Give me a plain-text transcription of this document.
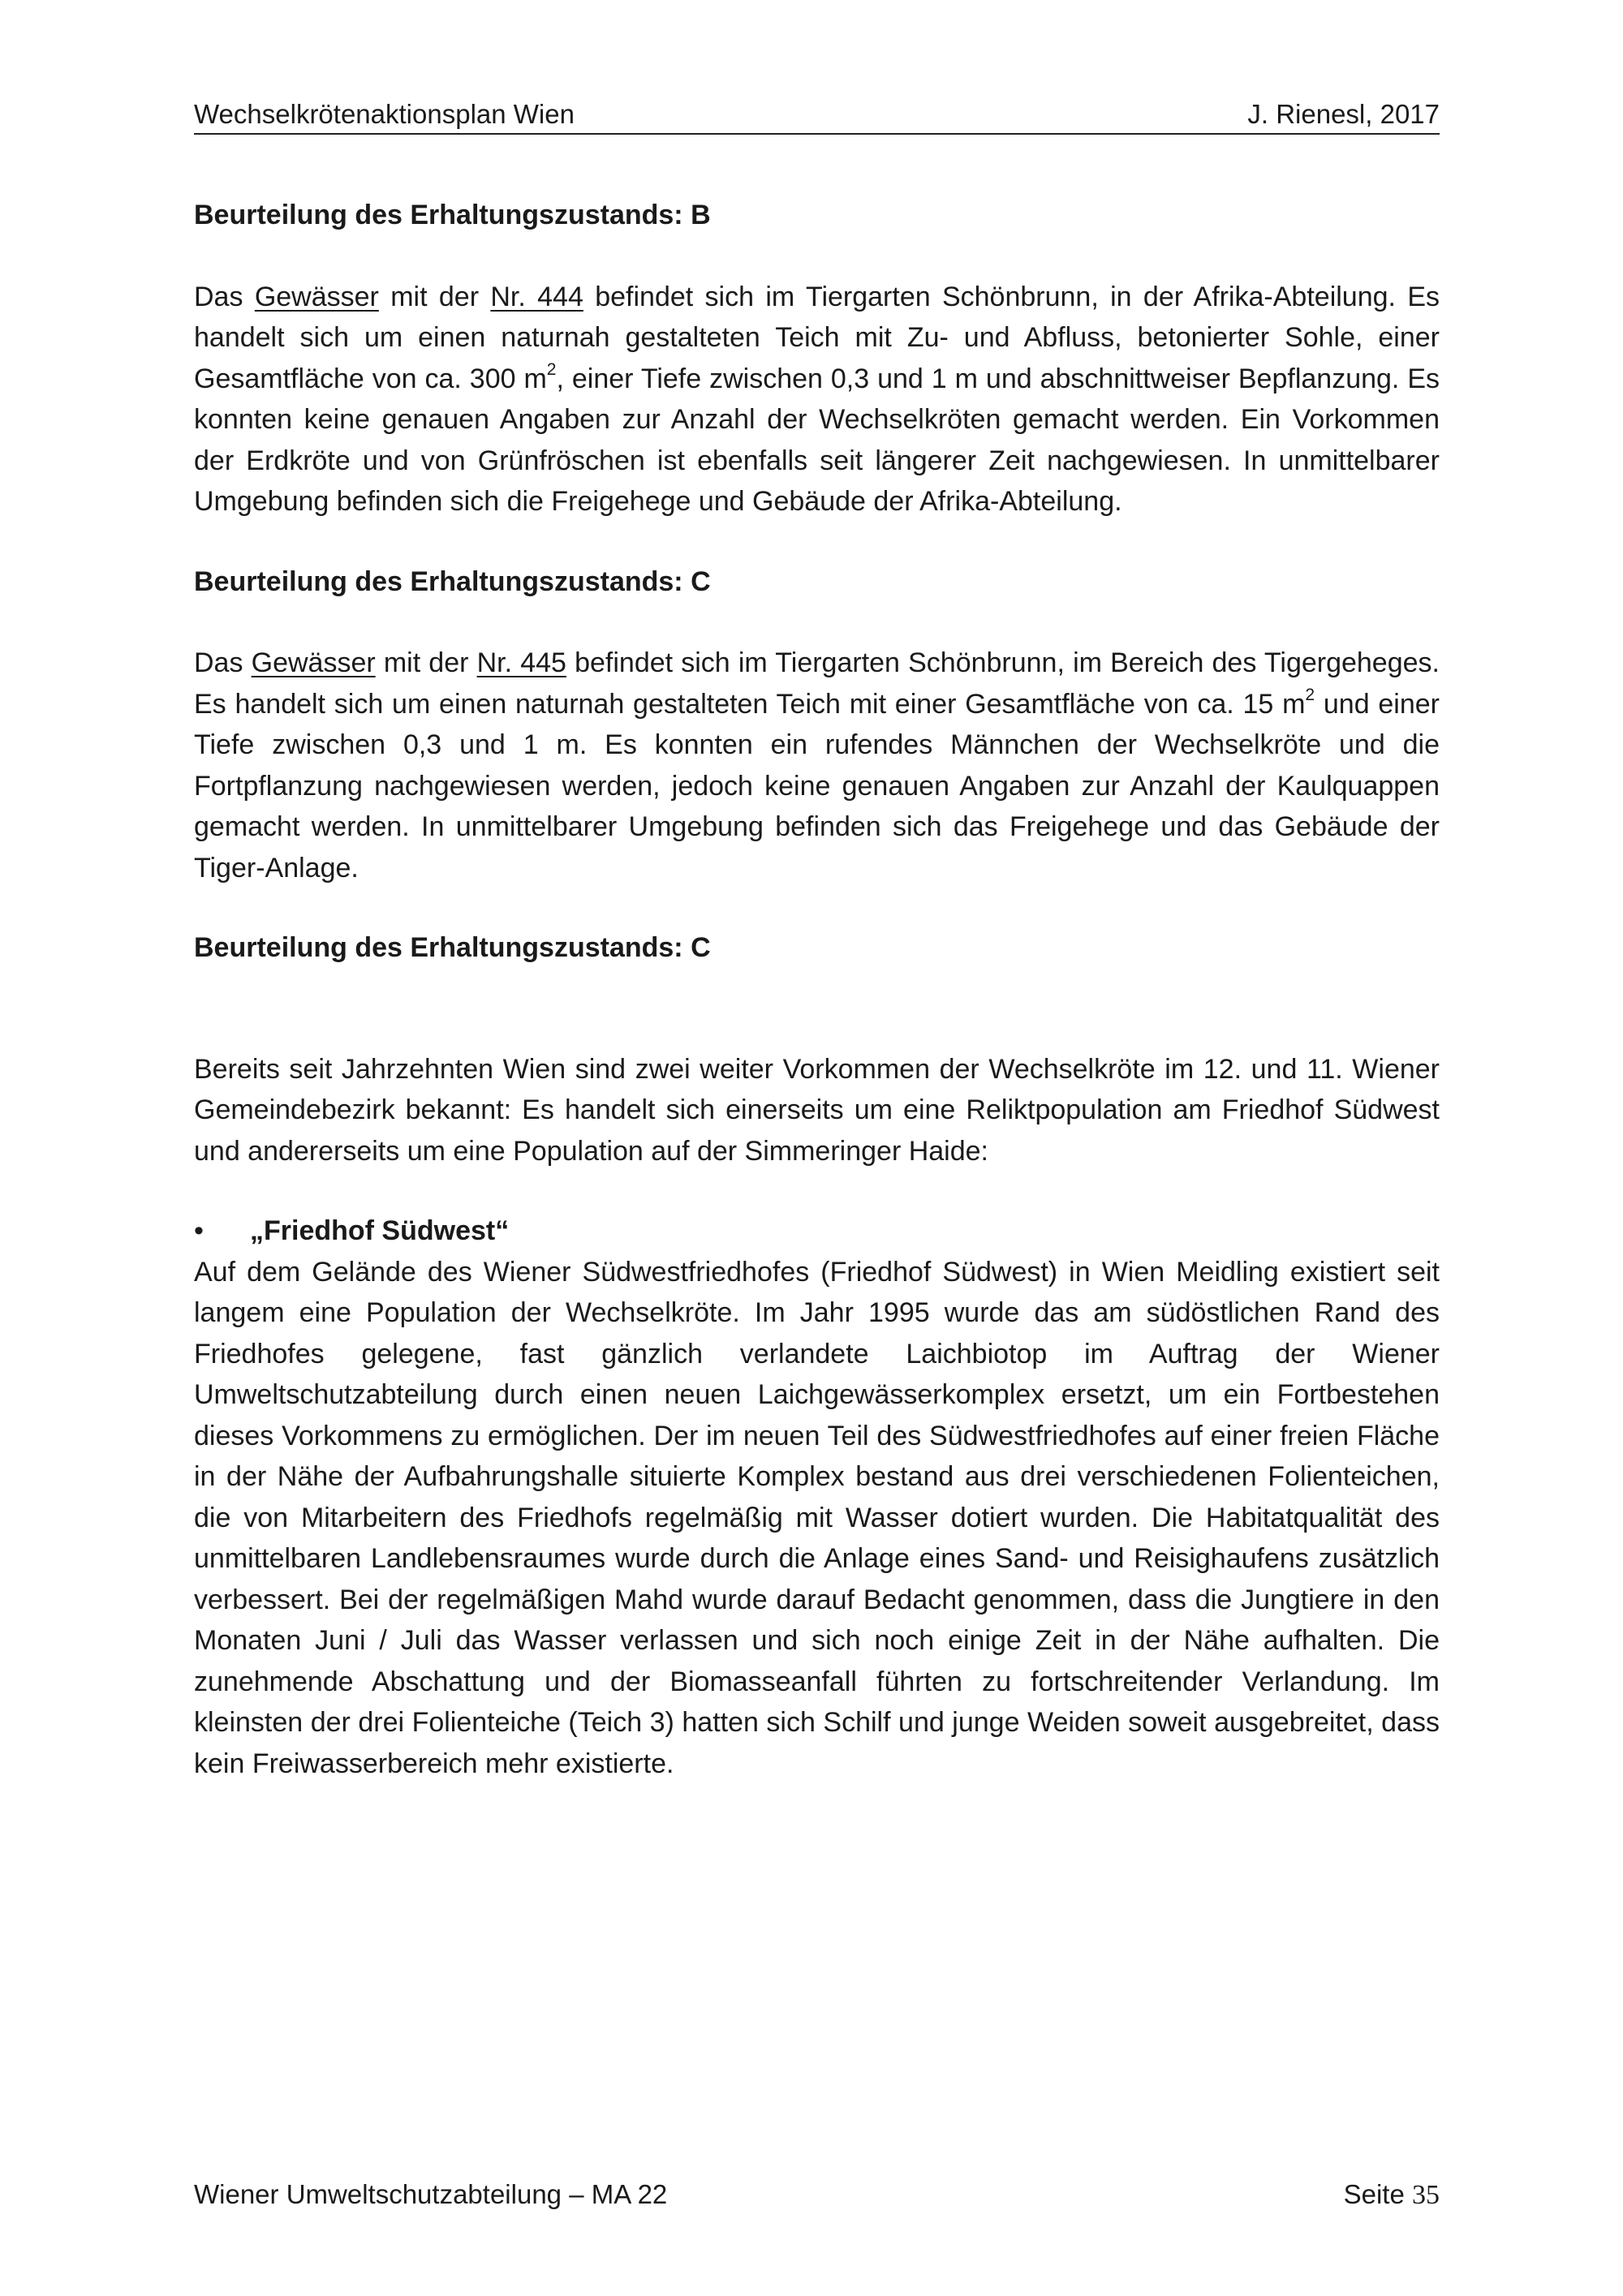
Wechselkrötenaktionsplan Wien	J. Rienesl, 2017

Beurteilung des Erhaltungszustands: B

Das Gewässer mit der Nr. 444 befindet sich im Tiergarten Schönbrunn, in der Afrika-Abteilung. Es handelt sich um einen naturnah gestalteten Teich mit Zu- und Abfluss, betonierter Sohle, einer Gesamtfläche von ca. 300 $m^2$, einer Tiefe zwischen 0,3 und 1 m und abschnittweiser Bepflanzung. Es konnten keine genauen Angaben zur Anzahl der Wechselkröten gemacht werden. Ein Vorkommen der Erdkröte und von Grünfröschen ist ebenfalls seit längerer Zeit nachgewiesen. In unmittelbarer Umgebung befinden sich die Freigehege und Gebäude der Afrika-Abteilung.

Beurteilung des Erhaltungszustands: C

Das Gewässer mit der Nr. 445 befindet sich im Tiergarten Schönbrunn, im Bereich des Tigergeheges. Es handelt sich um einen naturnah gestalteten Teich mit einer Gesamtfläche von ca. 15 $m^2$ und einer Tiefe zwischen 0,3 und 1 m. Es konnten ein rufendes Männchen der Wechselkröte und die Fortpflanzung nachgewiesen werden, jedoch keine genauen Angaben zur Anzahl der Kaulquappen gemacht werden. In unmittelbarer Umgebung befinden sich das Freigehege und das Gebäude der Tiger-Anlage.

Beurteilung des Erhaltungszustands: C

Bereits seit Jahrzehnten Wien sind zwei weiter Vorkommen der Wechselkröte im 12. und 11. Wiener Gemeindebezirk bekannt: Es handelt sich einerseits um eine Reliktpopulation am Friedhof Südwest und andererseits um eine Population auf der Simmeringer Haide:

• „Friedhof Südwest“

Auf dem Gelände des Wiener Südwestfriedhofes (Friedhof Südwest) in Wien Meidling existiert seit langem eine Population der Wechselkröte. Im Jahr 1995 wurde das am südöstlichen Rand des Friedhofes gelegene, fast gänzlich verlandete Laichbiotop im Auftrag der Wiener Umweltschutzabteilung durch einen neuen Laichgewässerkomplex ersetzt, um ein Fortbestehen dieses Vorkommens zu ermöglichen. Der im neuen Teil des Südwestfriedhofes auf einer freien Fläche in der Nähe der Aufbahrungshalle situierte Komplex bestand aus drei verschiedenen Folienteichen, die von Mitarbeitern des Friedhofs regelmäßig mit Wasser dotiert wurden. Die Habitatqualität des unmittelbaren Landlebensraumes wurde durch die Anlage eines Sand- und Reisighaufens zusätzlich verbessert. Bei der regelmäßigen Mahd wurde darauf Bedacht genommen, dass die Jungtiere in den Monaten Juni / Juli das Wasser verlassen und sich noch einige Zeit in der Nähe aufhalten. Die zunehmende Abschattung und der Biomasseanfall führten zu fortschreitender Verlandung. Im kleinsten der drei Folienteiche (Teich 3) hatten sich Schilf und junge Weiden soweit ausgebreitet, dass kein Freiwasserbereich mehr existierte.

Wiener Umweltschutzabteilung – MA 22	Seite 35
